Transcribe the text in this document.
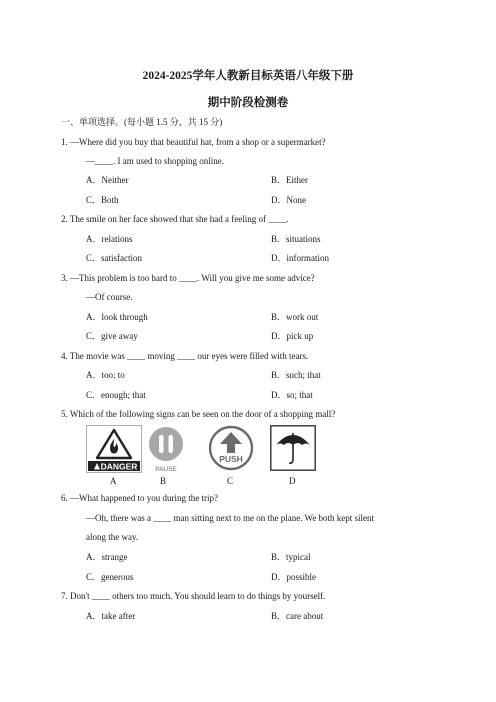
2024-2025学年人教新目标英语八年级下册
期中阶段检测卷
一、单项选择。(每小题 1.5 分，共 15 分)
1. —Where did you buy that beautiful hat, from a shop or a supermarket?
—____. I am used to shopping online.
A．Neither	B．Either
C．Both	D．None
2. The smile on her face showed that she had a feeling of ____.
A．relations	B．situations
C．satisfaction	D．information
3. —This problem is too hard to ____. Will you give me some advice?
—Of course.
A．look through	B．work out
C．give away	D．pick up
4. The movie was ____ moving ____ our eyes were filled with tears.
A．too; to	B．such; that
C．enough; that	D．so; that
5. Which of the following signs can be seen on the door of a shopping mall?
DANGER	PAUSE
PUSH
A	B	C	D
6. —What happened to you during the trip?
—Oh, there was a ____ man sitting next to me on the plane. We both kept silent
along the way.
A．strange	B．typical
C．generous	D．possible
7. Don't ____ others too much. You should learn to do things by yourself.
A．take after	B．care about
